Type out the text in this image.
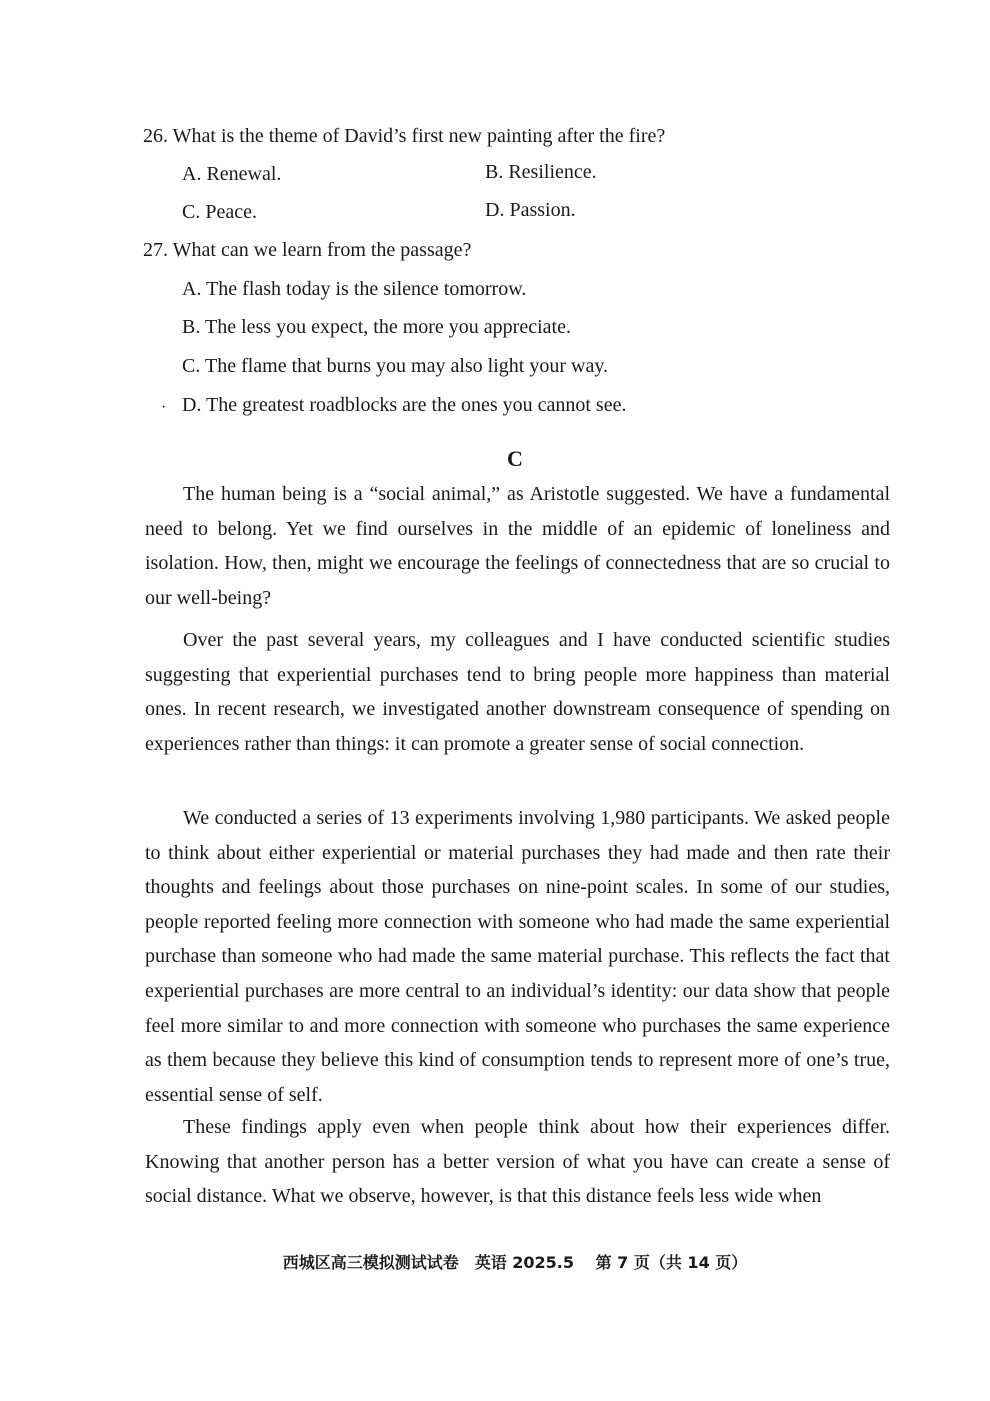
26. What is the theme of David’s first new painting after the fire?
A. Renewal.	B. Resilience.
C. Peace.	D. Passion.
27. What can we learn from the passage?
A. The flash today is the silence tomorrow.
B. The less you expect, the more you appreciate.
C. The flame that burns you may also light your way.
· D. The greatest roadblocks are the ones you cannot see.
C
The human being is a “social animal,” as Aristotle suggested. We have a fundamental need to belong. Yet we find ourselves in the middle of an epidemic of loneliness and isolation. How, then, might we encourage the feelings of connectedness that are so crucial to our well-being?
Over the past several years, my colleagues and I have conducted scientific studies suggesting that experiential purchases tend to bring people more happiness than material ones. In recent research, we investigated another downstream consequence of spending on experiences rather than things: it can promote a greater sense of social connection.
We conducted a series of 13 experiments involving 1,980 participants. We asked people to think about either experiential or material purchases they had made and then rate their thoughts and feelings about those purchases on nine-point scales. In some of our studies, people reported feeling more connection with someone who had made the same experiential purchase than someone who had made the same material purchase. This reflects the fact that experiential purchases are more central to an individual’s identity: our data show that people feel more similar to and more connection with someone who purchases the same experience as them because they believe this kind of consumption tends to represent more of one’s true, essential sense of self.
These findings apply even when people think about how their experiences differ. Knowing that another person has a better version of what you have can create a sense of social distance. What we observe, however, is that this distance feels less wide when
西城区高三模拟测试试卷　英语 2025.5　 第 7 页（共 14 页）
